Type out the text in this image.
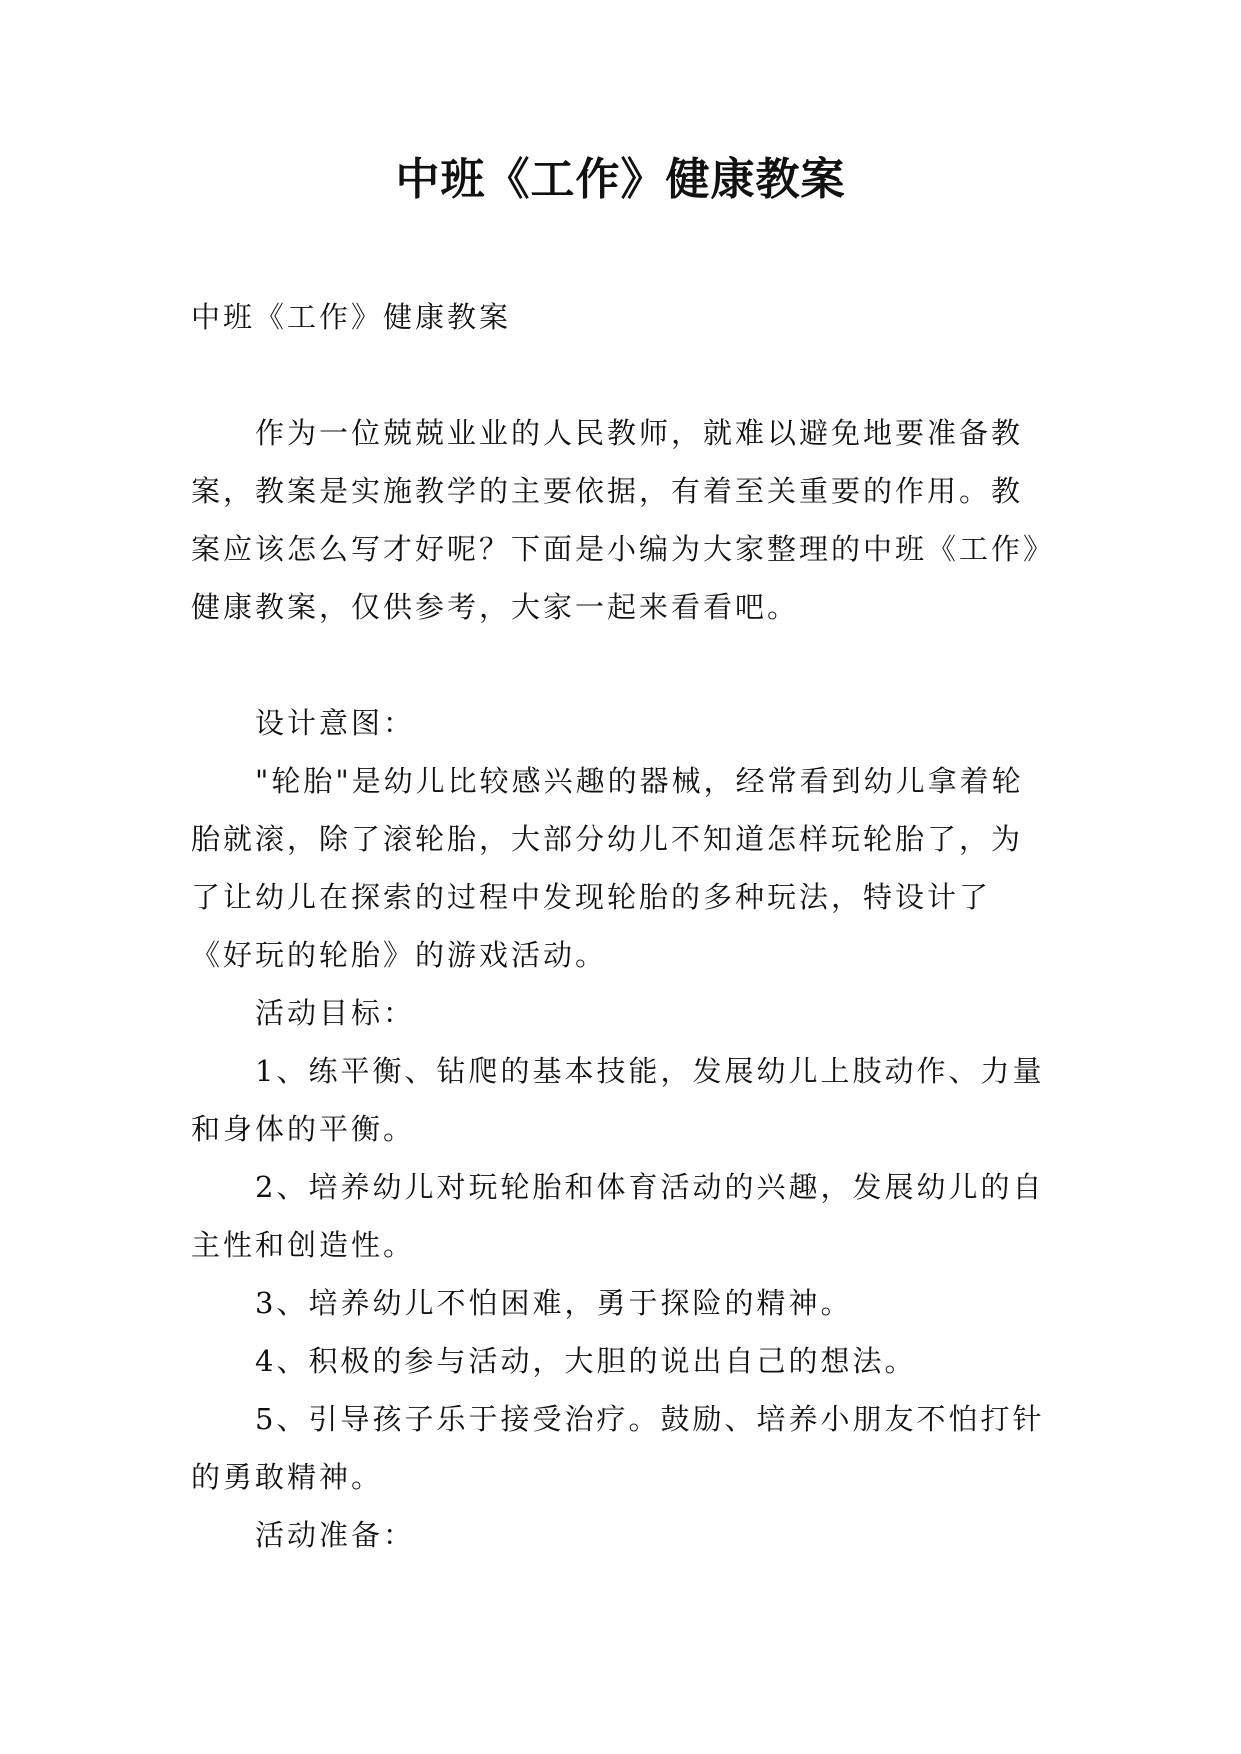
中班《工作》健康教案

中班《工作》健康教案

作为一位兢兢业业的人民教师，就难以避免地要准备教案，教案是实施教学的主要依据，有着至关重要的作用。教案应该怎么写才好呢？下面是小编为大家整理的中班《工作》健康教案，仅供参考，大家一起来看看吧。

设计意图：

"轮胎"是幼儿比较感兴趣的器械，经常看到幼儿拿着轮胎就滚，除了滚轮胎，大部分幼儿不知道怎样玩轮胎了，为了让幼儿在探索的过程中发现轮胎的多种玩法，特设计了《好玩的轮胎》的游戏活动。

活动目标：

1、练平衡、钻爬的基本技能，发展幼儿上肢动作、力量和身体的平衡。

2、培养幼儿对玩轮胎和体育活动的兴趣，发展幼儿的自主性和创造性。

3、培养幼儿不怕困难，勇于探险的精神。

4、积极的参与活动，大胆的说出自己的想法。

5、引导孩子乐于接受治疗。鼓励、培养小朋友不怕打针的勇敢精神。

活动准备：
